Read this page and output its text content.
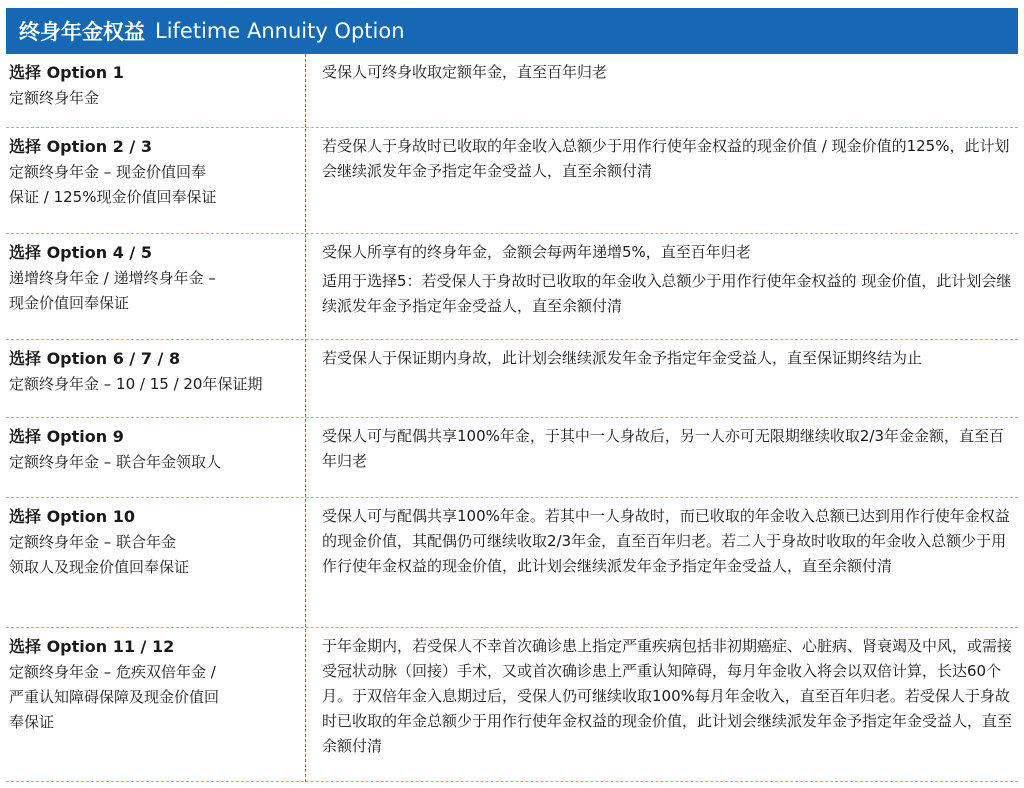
终身年金权益 Lifetime Annuity Option
选择 Option 1
定额终身年金
受保人可终身收取定额年金，直至百年归老
选择 Option 2 / 3
定额终身年金 – 现金价值回奉
保证 / 125%现金价值回奉保证
若受保人于身故时已收取的年金收入总额少于用作行使年金权益的现金价值 / 现金价值的125%，此计划会继续派发年金予指定年金受益人，直至余额付清
选择 Option 4 / 5
递增终身年金 / 递增终身年金 –
现金价值回奉保证
受保人所享有的终身年金，金额会每两年递增5%，直至百年归老
适用于选择5：若受保人于身故时已收取的年金收入总额少于用作行使年金权益的 现金价值，此计划会继续派发年金予指定年金受益人，直至余额付清
选择 Option 6 / 7 / 8
定额终身年金 – 10 / 15 / 20年保证期
若受保人于保证期内身故，此计划会继续派发年金予指定年金受益人，直至保证期终结为止
选择 Option 9
定额终身年金 – 联合年金领取人
受保人可与配偶共享100%年金，于其中一人身故后，另一人亦可无限期继续收取2/3年金金额，直至百年归老
选择 Option 10
定额终身年金 – 联合年金
领取人及现金价值回奉保证
受保人可与配偶共享100%年金。若其中一人身故时，而已收取的年金收入总额已达到用作行使年金权益的现金价值，其配偶仍可继续收取2/3年金，直至百年归老。若二人于身故时收取的年金收入总额少于用作行使年金权益的现金价值，此计划会继续派发年金予指定年金受益人，直至余额付清
选择 Option 11 / 12
定额终身年金 – 危疾双倍年金 /
严重认知障碍保障及现金价值回
奉保证
于年金期内，若受保人不幸首次确诊患上指定严重疾病包括非初期癌症、心脏病、肾衰竭及中风，或需接受冠状动脉（回接）手术，又或首次确诊患上严重认知障碍，每月年金收入将会以双倍计算，长达60个月。于双倍年金入息期过后，受保人仍可继续收取100%每月年金收入，直至百年归老。若受保人于身故时已收取的年金总额少于用作行使年金权益的现金价值，此计划会继续派发年金予指定年金受益人，直至余额付清
